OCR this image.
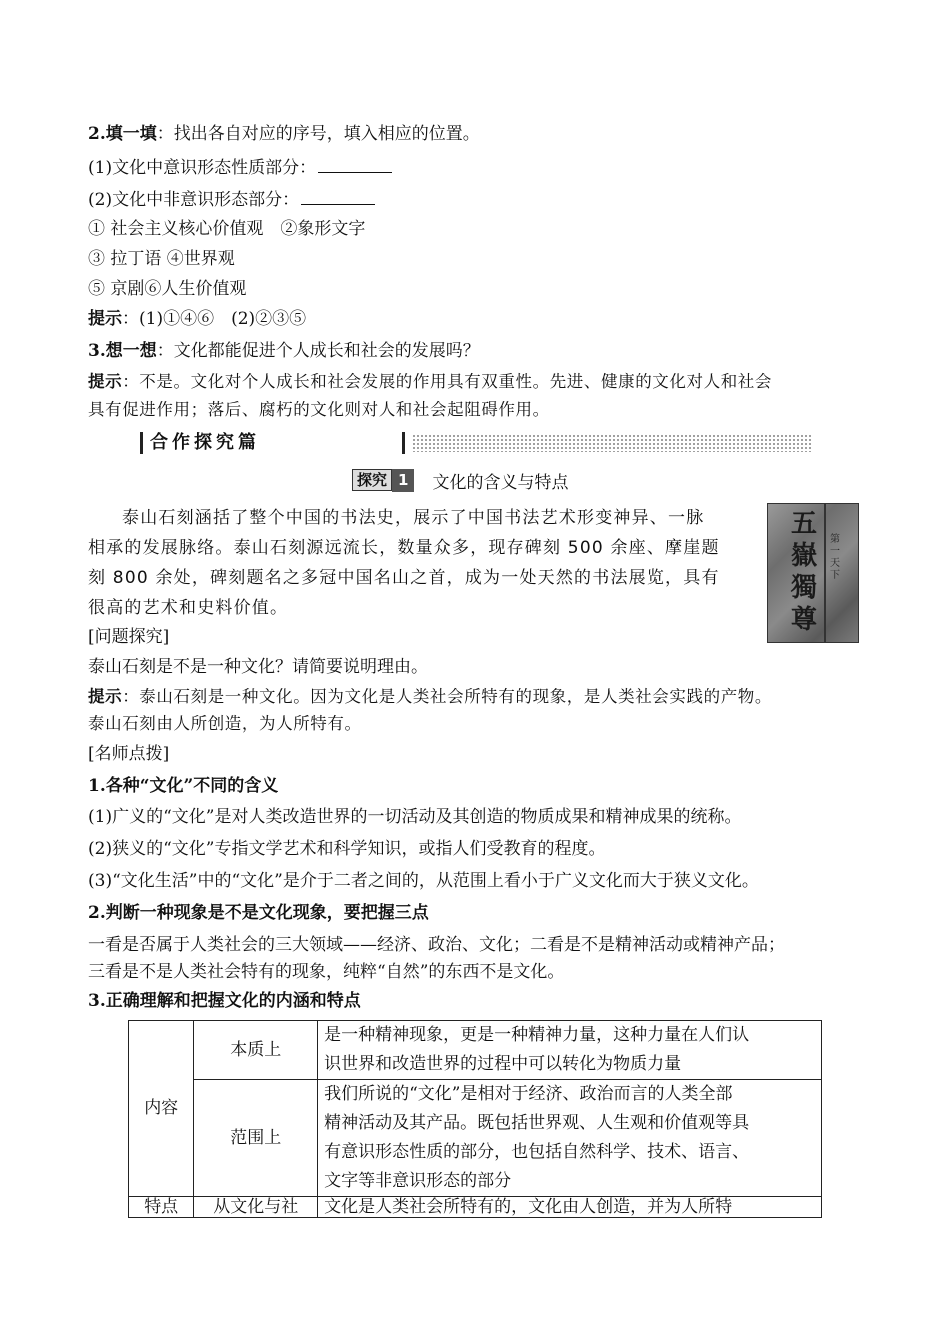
2.填一填：找出各自对应的序号，填入相应的位置。
(1)文化中意识形态性质部分：
(2)文化中非意识形态部分：
① 社会主义核心价值观　②象形文字
③ 拉丁语 ④世界观
⑤ 京剧⑥人生价值观
提示：(1)①④⑥　(2)②③⑤
3.想一想：文化都能促进个人成长和社会的发展吗？
提示：不是。文化对个人成长和社会发展的作用具有双重性。先进、健康的文化对人和社会
具有促进作用；落后、腐朽的文化则对人和社会起阻碍作用。
合作探究篇
探究 1	文化的含义与特点
泰山石刻涵括了整个中国的书法史，展示了中国书法艺术形变神异、一脉
相承的发展脉络。泰山石刻源远流长，数量众多，现存碑刻 500 余座、摩崖题
刻 800 余处，碑刻题名之多冠中国名山之首，成为一处天然的书法展览，具有
很高的艺术和史料价值。
五嶽獨尊
第一天下
[问题探究]
泰山石刻是不是一种文化？请简要说明理由。
提示：泰山石刻是一种文化。因为文化是人类社会所特有的现象，是人类社会实践的产物。
泰山石刻由人所创造，为人所特有。
[名师点拨]
1.各种“文化”不同的含义
(1)广义的“文化”是对人类改造世界的一切活动及其创造的物质成果和精神成果的统称。
(2)狭义的“文化”专指文学艺术和科学知识，或指人们受教育的程度。
(3)“文化生活”中的“文化”是介于二者之间的，从范围上看小于广义文化而大于狭义文化。
2.判断一种现象是不是文化现象，要把握三点
一看是否属于人类社会的三大领域——经济、政治、文化；二看是不是精神活动或精神产品；
三看是不是人类社会特有的现象，纯粹“自然”的东西不是文化。
3.正确理解和把握文化的内涵和特点
内容	本质上	是一种精神现象，更是一种精神力量，这种力量在人们认
识世界和改造世界的过程中可以转化为物质力量

	范围上	我们所说的“文化”是相对于经济、政治而言的人类全部
精神活动及其产品。既包括世界观、人生观和价值观等具
有意识形态性质的部分，也包括自然科学、技术、语言、
文字等非意识形态的部分

特点	从文化与社	文化是人类社会所特有的，文化由人创造，并为人所特
